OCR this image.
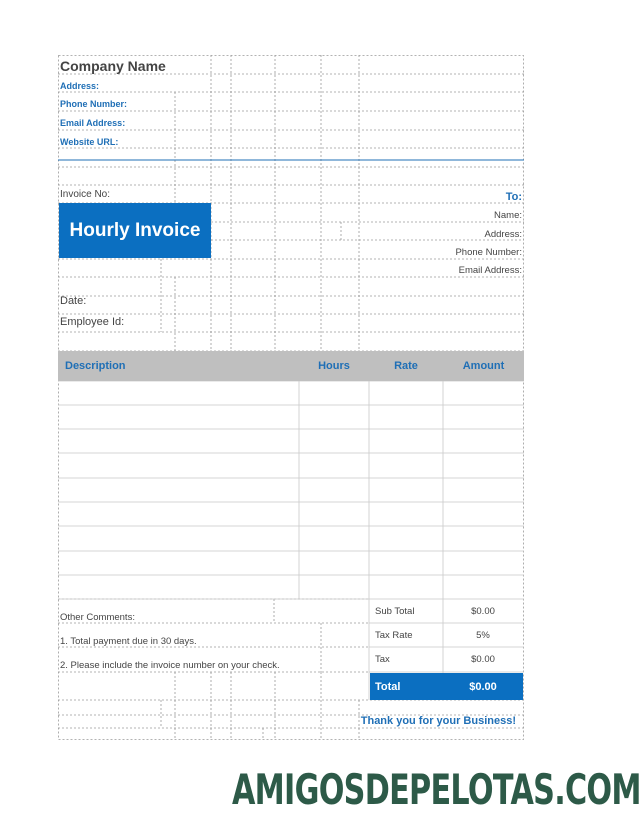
Company Name
Address:
Phone Number:
Email Address:
Website URL:
Invoice No:
Hourly Invoice
Date:
Employee Id:
To:
Name:
Address:
Phone Number:
Email Address:
Description	Hours	Rate	Amount
Other Comments:
1. Total payment due in 30 days.
2. Please include the invoice number on your check.
Sub Total	$0.00
Tax Rate	5%
Tax	$0.00
Total	$0.00
Thank you for your Business!
AMIGOSDEPELOTAS.COM
